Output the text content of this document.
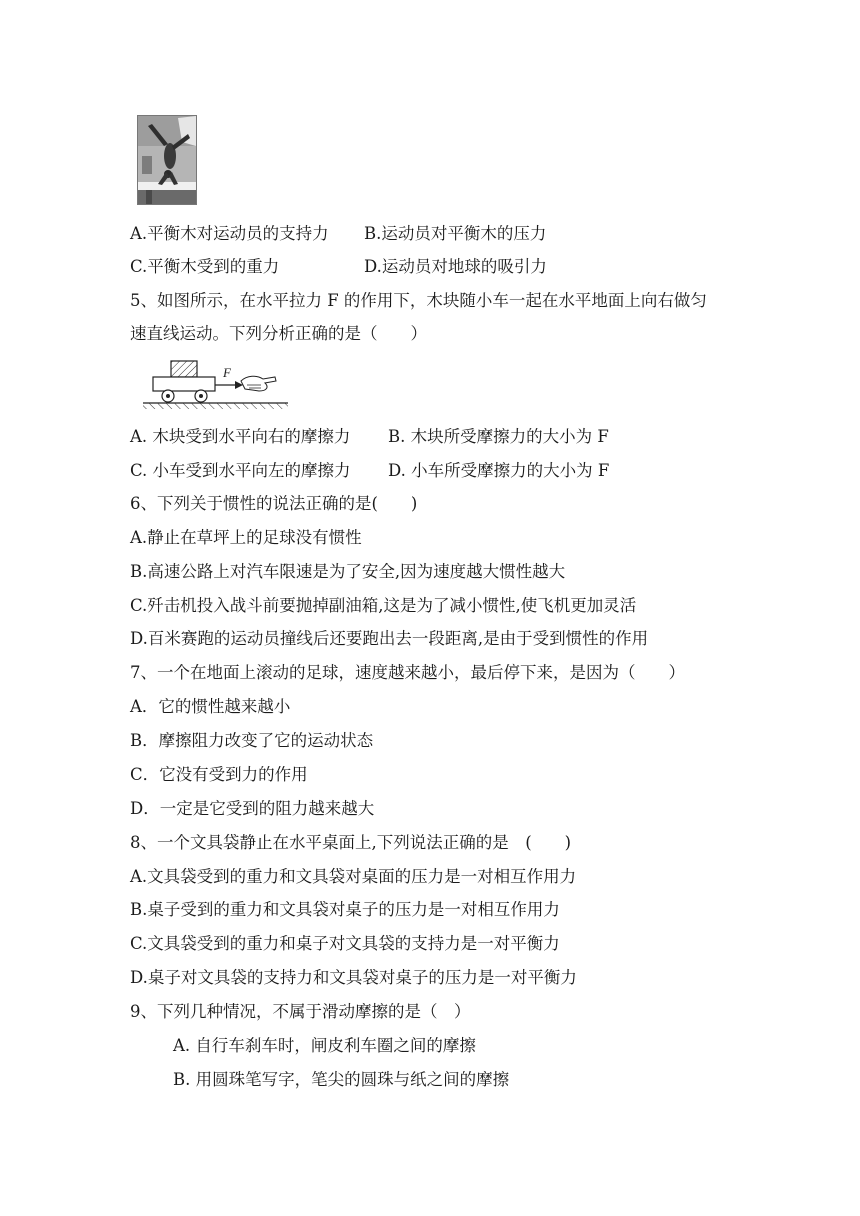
A.平衡木对运动员的支持力 B.运动员对平衡木的压力
C.平衡木受到的重力	D.运动员对地球的吸引力
5、如图所示，在水平拉力 F 的作用下，木块随小车一起在水平地面上向右做匀
速直线运动。下列分析正确的是（　　）
F
A. 木块受到水平向右的摩擦力 B. 木块所受摩擦力的大小为 F
C. 小车受到水平向左的摩擦力 D. 小车所受摩擦力的大小为 F
6、下列关于惯性的说法正确的是(　　)
A.静止在草坪上的足球没有惯性
B.高速公路上对汽车限速是为了安全,因为速度越大惯性越大
C.歼击机投入战斗前要抛掉副油箱,这是为了减小惯性,使飞机更加灵活
D.百米赛跑的运动员撞线后还要跑出去一段距离,是由于受到惯性的作用
7、一个在地面上滚动的足球，速度越来越小，最后停下来，是因为（　　）
A．它的惯性越来越小
B．摩擦阻力改变了它的运动状态
C．它没有受到力的作用
D．一定是它受到的阻力越来越大
8、一个文具袋静止在水平桌面上,下列说法正确的是　(　　)
A.文具袋受到的重力和文具袋对桌面的压力是一对相互作用力
B.桌子受到的重力和文具袋对桌子的压力是一对相互作用力
C.文具袋受到的重力和桌子对文具袋的支持力是一对平衡力
D.桌子对文具袋的支持力和文具袋对桌子的压力是一对平衡力
9、下列几种情况，不属于滑动摩擦的是（　）
A. 自行车刹车时，闸皮利车圈之间的摩擦
B. 用圆珠笔写字，笔尖的圆珠与纸之间的摩擦
